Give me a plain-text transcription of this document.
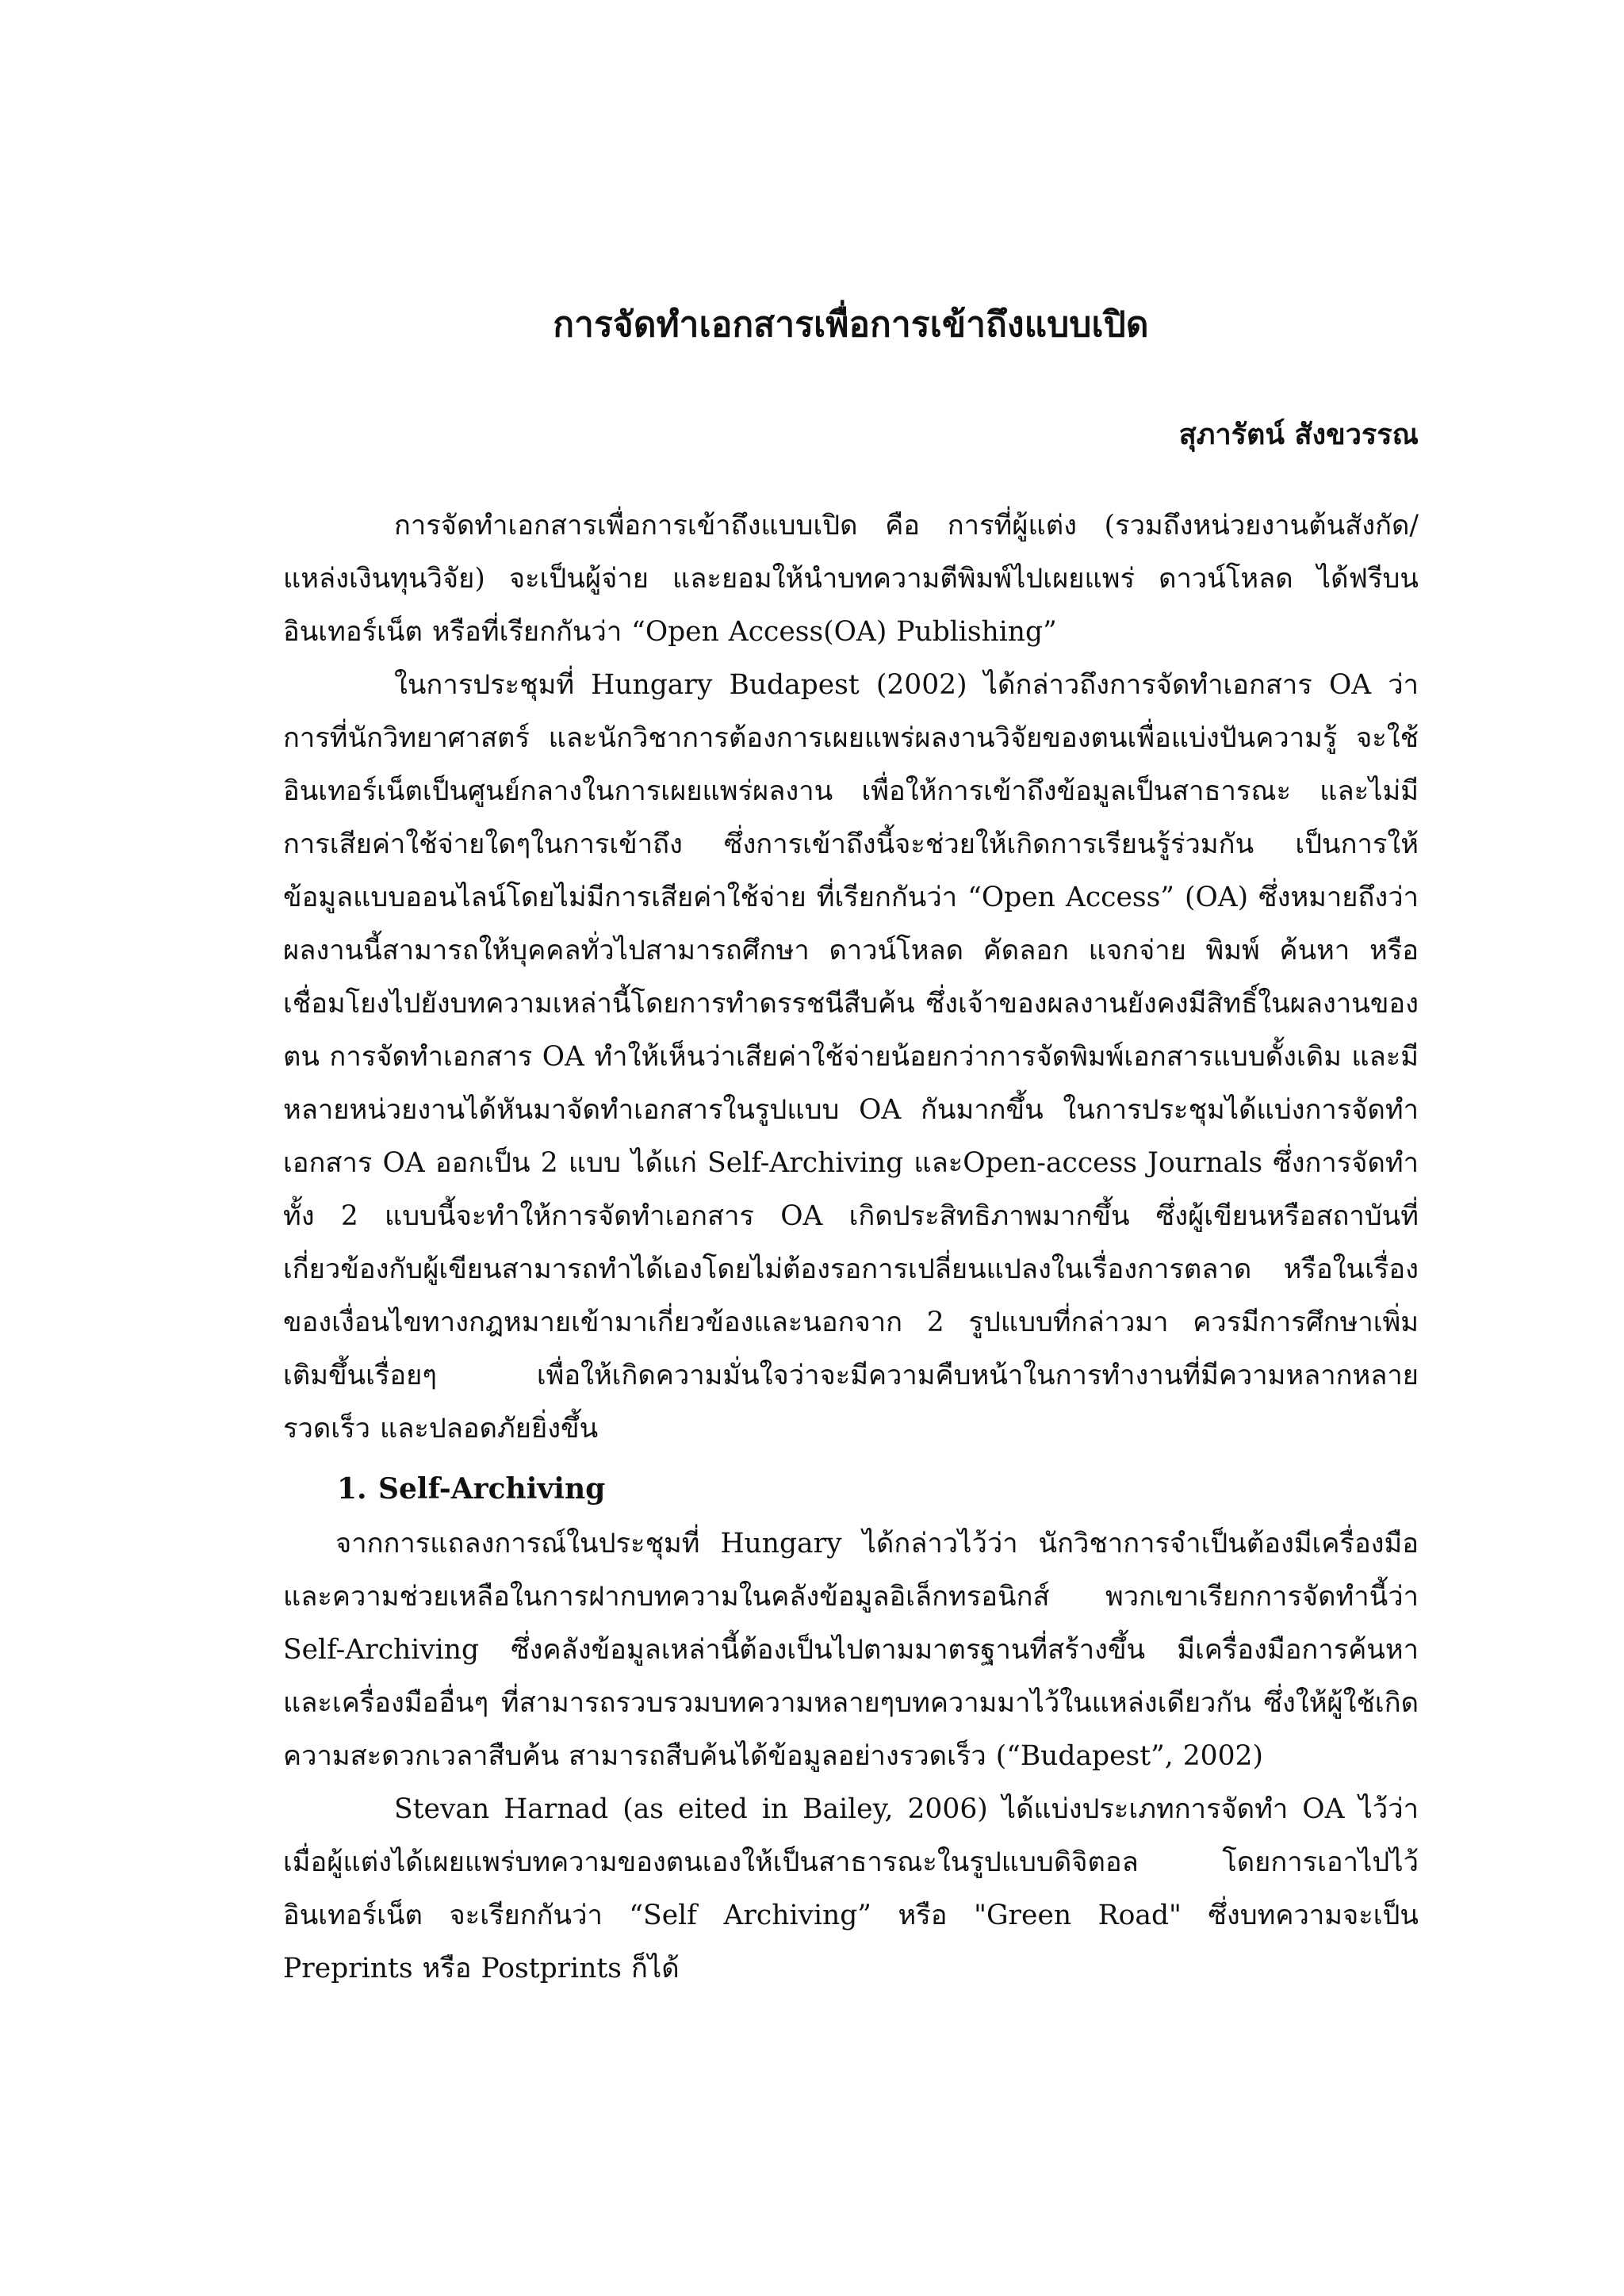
การจัดทำเอกสารเพื่อการเข้าถึงแบบเปิด
สุภารัตน์ สังขวรรณ

การจัดทำเอกสารเพื่อการเข้าถึงแบบเปิด คือ การที่ผู้แต่ง (รวมถึงหน่วยงานต้นสังกัด/แหล่งเงินทุนวิจัย) จะเป็นผู้จ่าย และยอมให้นำบทความตีพิมพ์ไปเผยแพร่ ดาวน์โหลด ได้ฟรีบนอินเทอร์เน็ต หรือที่เรียกกันว่า “Open Access(OA) Publishing”

ในการประชุมที่ Hungary Budapest (2002) ได้กล่าวถึงการจัดทำเอกสาร OA ว่า การที่นักวิทยาศาสตร์ และนักวิชาการต้องการเผยแพร่ผลงานวิจัยของตนเพื่อแบ่งปันความรู้ จะใช้อินเทอร์เน็ตเป็นศูนย์กลางในการเผยแพร่ผลงาน เพื่อให้การเข้าถึงข้อมูลเป็นสาธารณะ และไม่มีการเสียค่าใช้จ่ายใดๆในการเข้าถึง ซึ่งการเข้าถึงนี้จะช่วยให้เกิดการเรียนรู้ร่วมกัน เป็นการให้ข้อมูลแบบออนไลน์โดยไม่มีการเสียค่าใช้จ่าย ที่เรียกกันว่า “Open Access” (OA) ซึ่งหมายถึงว่าผลงานนี้สามารถให้บุคคลทั่วไปสามารถศึกษา ดาวน์โหลด คัดลอก แจกจ่าย พิมพ์ ค้นหา หรือเชื่อมโยงไปยังบทความเหล่านี้โดยการทำดรรชนีสืบค้น ซึ่งเจ้าของผลงานยังคงมีสิทธิ์ในผลงานของตน การจัดทำเอกสาร OA ทำให้เห็นว่าเสียค่าใช้จ่ายน้อยกว่าการจัดพิมพ์เอกสารแบบดั้งเดิม และมีหลายหน่วยงานได้หันมาจัดทำเอกสารในรูปแบบ OA กันมากขึ้น ในการประชุมได้แบ่งการจัดทำเอกสาร OA ออกเป็น 2 แบบ ได้แก่ Self-Archiving และOpen-access Journals ซึ่งการจัดทำทั้ง 2 แบบนี้จะทำให้การจัดทำเอกสาร OA เกิดประสิทธิภาพมากขึ้น ซึ่งผู้เขียนหรือสถาบันที่เกี่ยวข้องกับผู้เขียนสามารถทำได้เองโดยไม่ต้องรอการเปลี่ยนแปลงในเรื่องการตลาด หรือในเรื่องของเงื่อนไขทางกฎหมายเข้ามาเกี่ยวข้องและนอกจาก 2 รูปแบบที่กล่าวมา ควรมีการศึกษาเพิ่มเติมขึ้นเรื่อยๆ เพื่อให้เกิดความมั่นใจว่าจะมีความคืบหน้าในการทำงานที่มีความหลากหลาย รวดเร็ว และปลอดภัยยิ่งขึ้น

1. Self-Archiving

จากการแถลงการณ์ในประชุมที่ Hungary ได้กล่าวไว้ว่า นักวิชาการจำเป็นต้องมีเครื่องมือ และความช่วยเหลือในการฝากบทความในคลังข้อมูลอิเล็กทรอนิกส์ พวกเขาเรียกการจัดทำนี้ว่า Self-Archiving ซึ่งคลังข้อมูลเหล่านี้ต้องเป็นไปตามมาตรฐานที่สร้างขึ้น มีเครื่องมือการค้นหา และเครื่องมืออื่นๆ ที่สามารถรวบรวมบทความหลายๆบทความมาไว้ในแหล่งเดียวกัน ซึ่งให้ผู้ใช้เกิดความสะดวกเวลาสืบค้น สามารถสืบค้นได้ข้อมูลอย่างรวดเร็ว (“Budapest”, 2002)

Stevan Harnad (as eited in Bailey, 2006) ได้แบ่งประเภทการจัดทำ OA ไว้ว่าเมื่อผู้แต่งได้เผยแพร่บทความของตนเองให้เป็นสาธารณะในรูปแบบดิจิตอล โดยการเอาไปไว้อินเทอร์เน็ต จะเรียกกันว่า “Self Archiving” หรือ "Green Road" ซึ่งบทความจะเป็น Preprints หรือ Postprints ก็ได้
